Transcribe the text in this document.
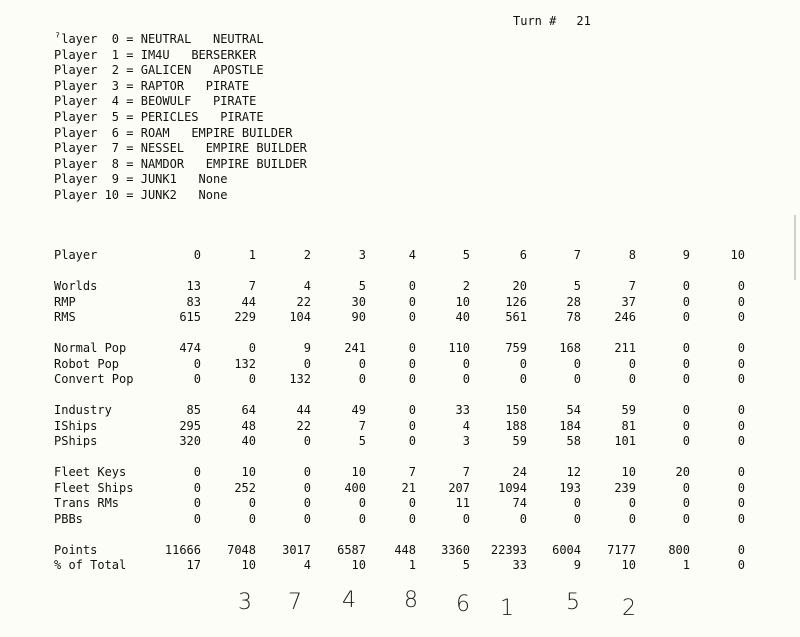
Turn # 21
ˀlayer  0 = NEUTRAL NEUTRAL
Player  1 = IM4U BERSERKER
Player  2 = GALICEN APOSTLE
Player  3 = RAPTOR PIRATE
Player  4 = BEOWULF PIRATE
Player  5 = PERICLES PIRATE
Player  6 = ROAM EMPIRE BUILDER
Player  7 = NESSEL EMPIRE BUILDER
Player  8 = NAMDOR EMPIRE BUILDER
Player  9 = JUNK1 None
Player 10 = JUNK2 None
Player	0	1	2	3	4	5	6	7	8	9	10
Worlds	13	7	4	5	0	2	20	5	7	0	0
RMP	83	44	22	30	0	10	126	28	37	0	0
RMS	615	229	104	90	0	40	561	78	246	0	0
Normal Pop	474	0	9	241	0	110	759	168	211	0	0
Robot Pop	0	132	0	0	0	0	0	0	0	0	0
Convert Pop	0	0	132	0	0	0	0	0	0	0	0
Industry	85	64	44	49	0	33	150	54	59	0	0
IShips	295	48	22	7	0	4	188	184	81	0	0
PShips	320	40	0	5	0	3	59	58	101	0	0
Fleet Keys	0	10	0	10	7	7	24	12	10	20	0
Fleet Ships	0	252	0	400	21	207	1094	193	239	0	0
Trans RMs	0	0	0	0	0	11	74	0	0	0	0
PBBs	0	0	0	0	0	0	0	0	0	0	0
Points	11666	7048	3017	6587	448	3360	22393	6004	7177	800	0
% of Total	17	10	4	10	1	5	33	9	10	1	0
3 7 4 8 6 1 5 2
